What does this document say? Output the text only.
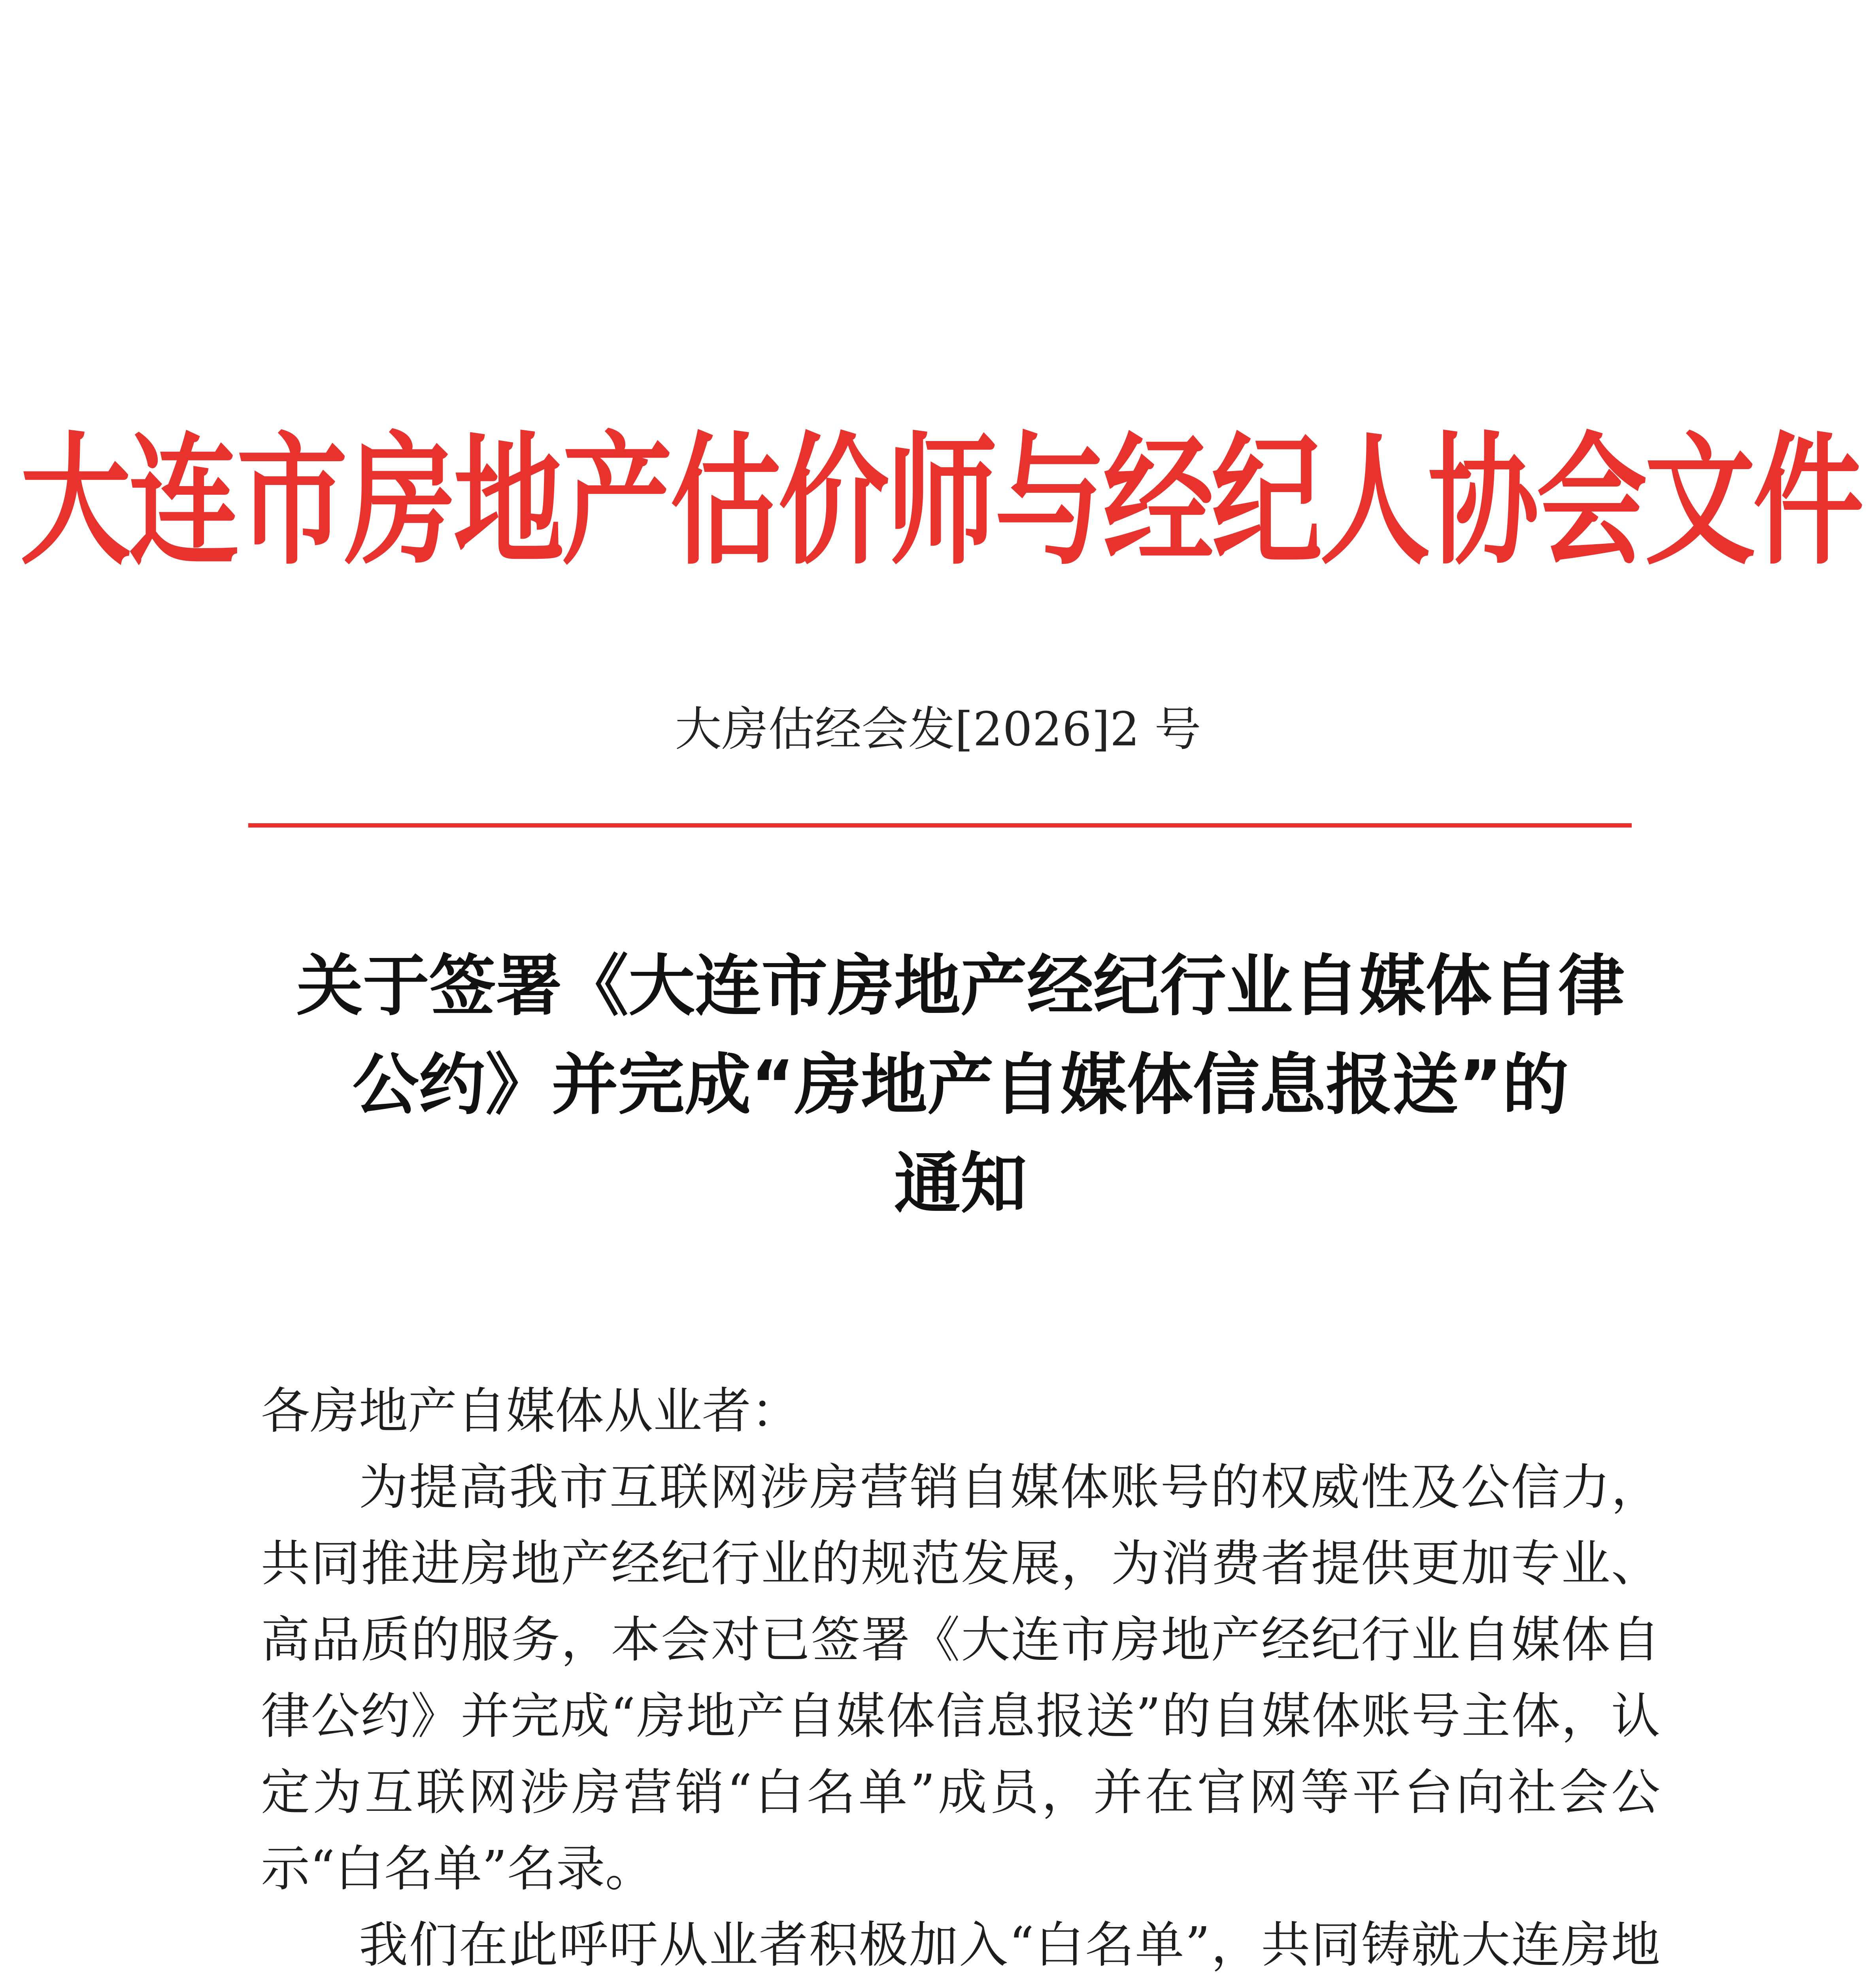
大连市房地产估价师与经纪人协会文件
大房估经会发[2026]2 号
关于签署《大连市房地产经纪行业自媒体自律
公约》并完成“房地产自媒体信息报送”的
通知

各房地产自媒体从业者：

为提高我市互联网涉房营销自媒体账号的权威性及公信力，共同推进房地产经纪行业的规范发展，为消费者提供更加专业、高品质的服务，本会对已签署《大连市房地产经纪行业自媒体自律公约》并完成“房地产自媒体信息报送”的自媒体账号主体，认定为互联网涉房营销“白名单”成员，并在官网等平台向社会公示“白名单”名录。

我们在此呼吁从业者积极加入“白名单”，共同铸就大连房地
